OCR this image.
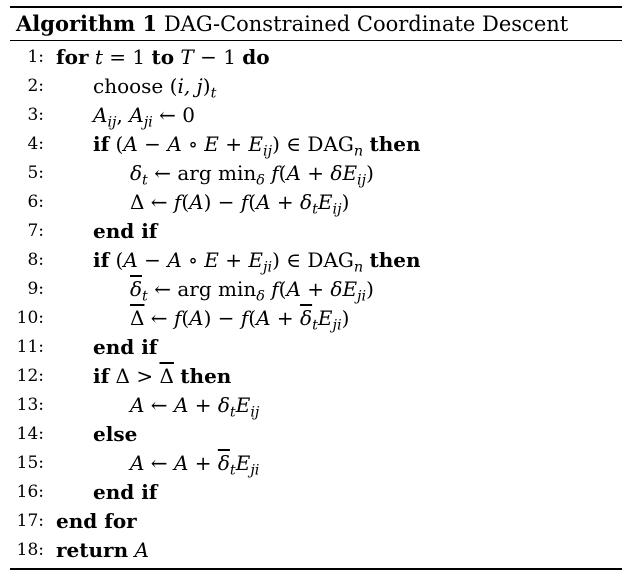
Algorithm 1 DAG-Constrained Coordinate Descent
1: for t = 1 to T − 1 do
2: choose (i, $j)_t$
3: $A_{ij}$, $A_{ji}$ ← 0
4: if (A − A ∘ $E + E_{ij}$) ∈ $DAG_n$ then
5:	$\delta_t$ ← arg $\min_\delta f(A + \delta E_{ij})$
6:	Δ ← $f(A) - f(A + \delta_tE_{ij})$
7: end if
8: if (A − A ∘ $E + E_{ji}$) ∈ $DAG_n$ then
9:	$\overline{\delta}_t$ ← arg $\min_\delta f(A + \delta E_{ji})$
10:	$\overline{\Delta}$ ← $f(A) - f(A + \overline{\delta}_tE_{ji})$
11: end if
12: if $\Delta > \overline{\Delta}$ then
13:	A ← $A + \delta_tE_{ij}$
14: else
15:	A ← $A + \overline{\delta}_tE_{ji}$
16: end if
17: end for
18: return A
